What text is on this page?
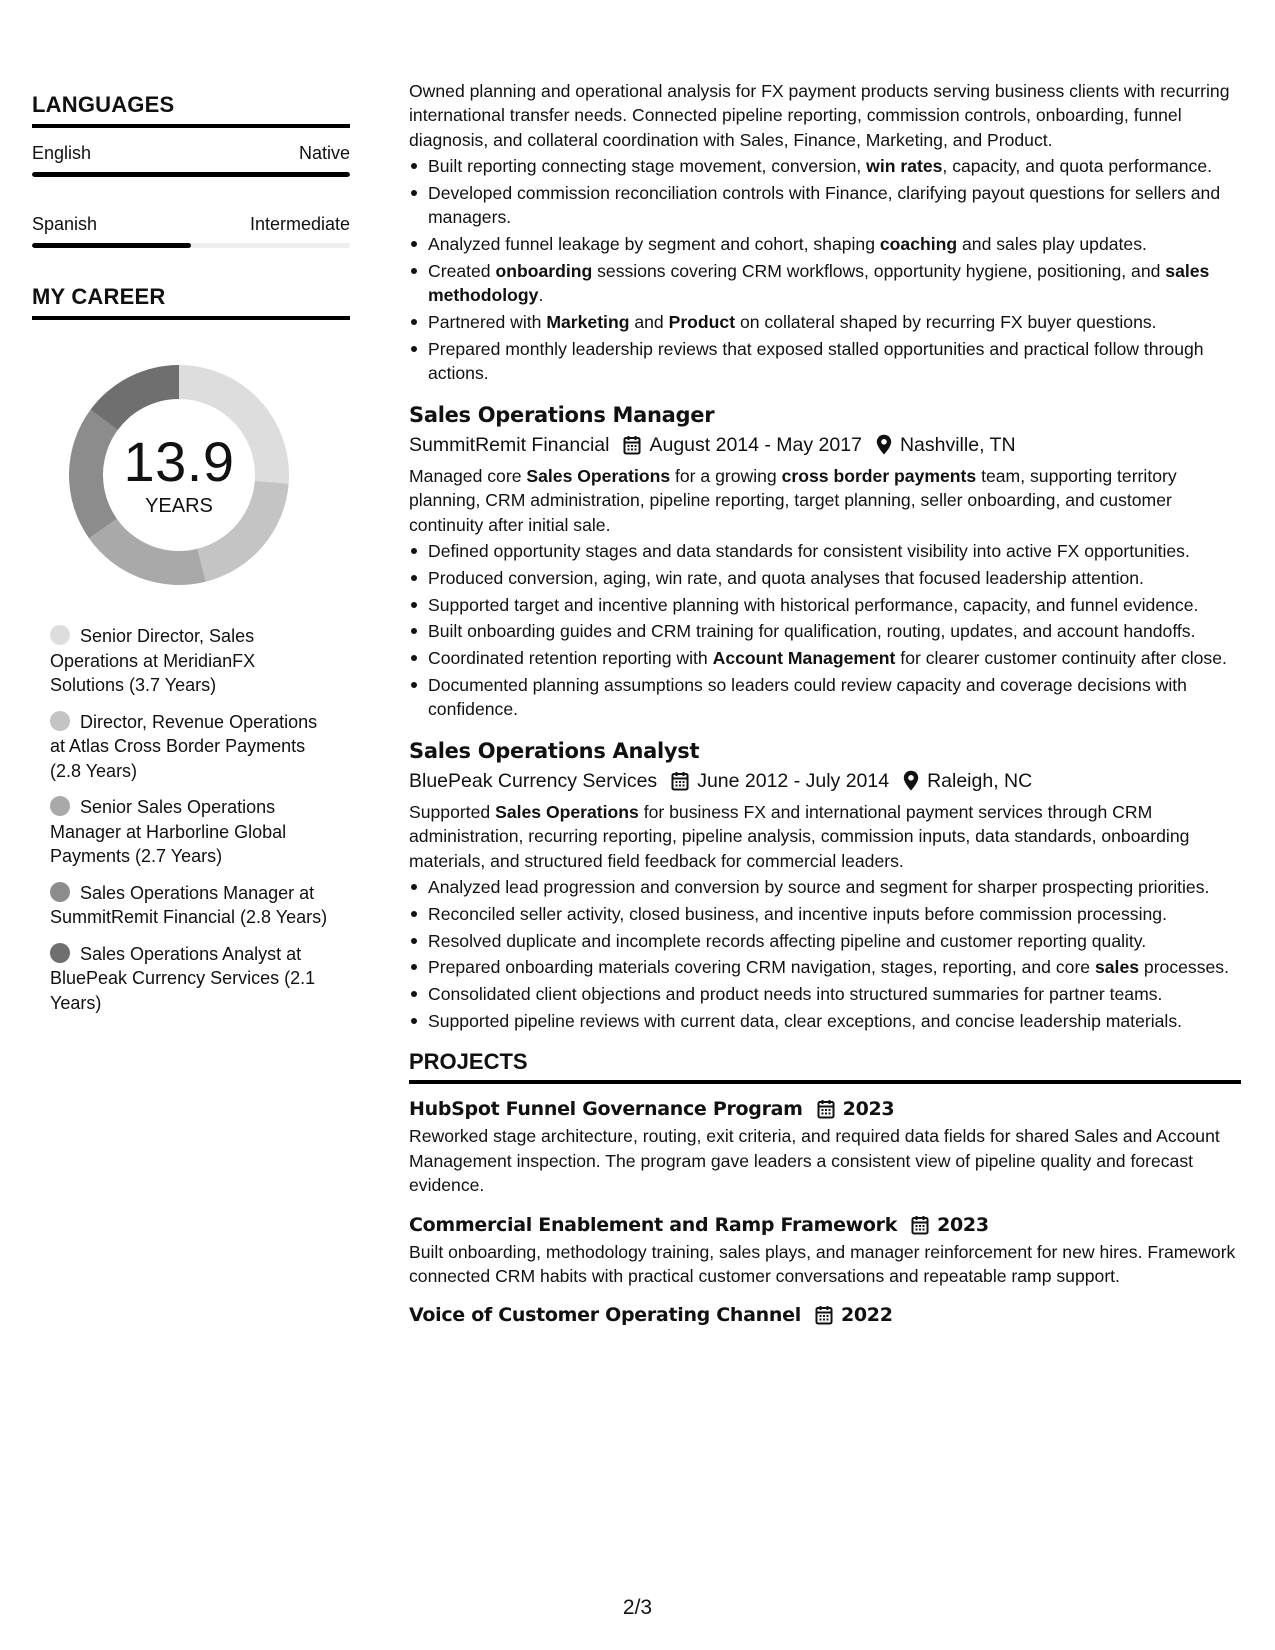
LANGUAGES
English	Native
Spanish	Intermediate
MY CAREER
13.9
YEARS
Senior Director, Sales Operations at MeridianFX Solutions (3.7 Years)
Director, Revenue Operations at Atlas Cross Border Payments (2.8 Years)
Senior Sales Operations Manager at Harborline Global Payments (2.7 Years)
Sales Operations Manager at SummitRemit Financial (2.8 Years)
Sales Operations Analyst at BluePeak Currency Services (2.1 Years)

Owned planning and operational analysis for FX payment products serving business clients with recurring international transfer needs. Connected pipeline reporting, commission controls, onboarding, funnel diagnosis, and collateral coordination with Sales, Finance, Marketing, and Product.

Built reporting connecting stage movement, conversion, win rates, capacity, and quota performance.
Developed commission reconciliation controls with Finance, clarifying payout questions for sellers and managers.
Analyzed funnel leakage by segment and cohort, shaping coaching and sales play updates.
Created onboarding sessions covering CRM workflows, opportunity hygiene, positioning, and sales methodology.
Partnered with Marketing and Product on collateral shaped by recurring FX buyer questions.
Prepared monthly leadership reviews that exposed stalled opportunities and practical follow through actions.
Sales Operations Manager
SummitRemit Financial August 2014 - May 2017 Nashville, TN

Managed core Sales Operations for a growing cross border payments team, supporting territory planning, CRM administration, pipeline reporting, target planning, seller onboarding, and customer continuity after initial sale.

Defined opportunity stages and data standards for consistent visibility into active FX opportunities.
Produced conversion, aging, win rate, and quota analyses that focused leadership attention.
Supported target and incentive planning with historical performance, capacity, and funnel evidence.
Built onboarding guides and CRM training for qualification, routing, updates, and account handoffs.
Coordinated retention reporting with Account Management for clearer customer continuity after close.
Documented planning assumptions so leaders could review capacity and coverage decisions with confidence.
Sales Operations Analyst
BluePeak Currency Services June 2012 - July 2014 Raleigh, NC

Supported Sales Operations for business FX and international payment services through CRM administration, recurring reporting, pipeline analysis, commission inputs, data standards, onboarding materials, and structured field feedback for commercial leaders.

Analyzed lead progression and conversion by source and segment for sharper prospecting priorities.
Reconciled seller activity, closed business, and incentive inputs before commission processing.
Resolved duplicate and incomplete records affecting pipeline and customer reporting quality.
Prepared onboarding materials covering CRM navigation, stages, reporting, and core sales processes.
Consolidated client objections and product needs into structured summaries for partner teams.
Supported pipeline reviews with current data, clear exceptions, and concise leadership materials.
PROJECTS
HubSpot Funnel Governance Program 2023

Reworked stage architecture, routing, exit criteria, and required data fields for shared Sales and Account Management inspection. The program gave leaders a consistent view of pipeline quality and forecast evidence.

Commercial Enablement and Ramp Framework 2023

Built onboarding, methodology training, sales plays, and manager reinforcement for new hires. Framework connected CRM habits with practical customer conversations and repeatable ramp support.

Voice of Customer Operating Channel 2022
2/3
